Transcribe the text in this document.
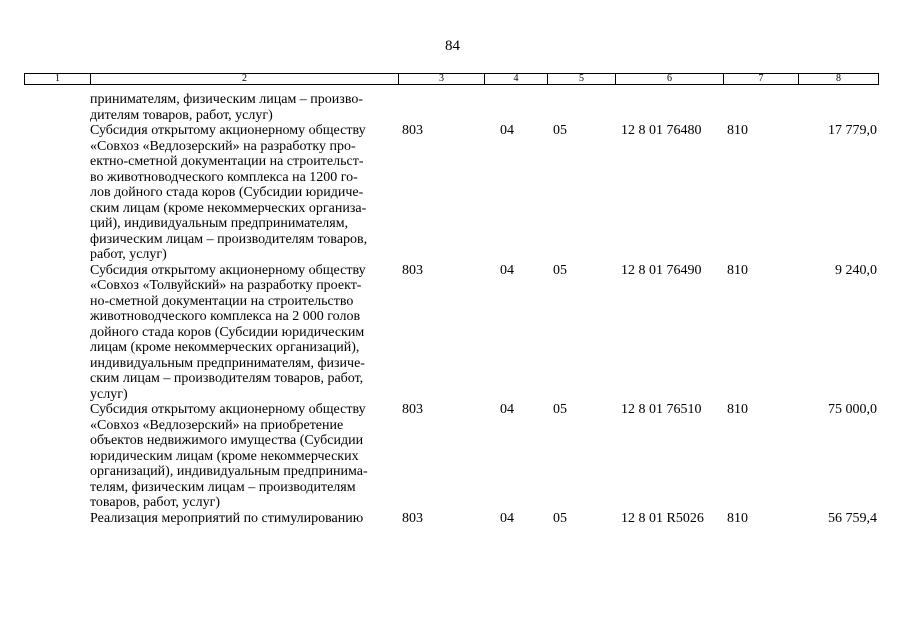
84
1	2	3	4	5	6	7	8
принимателям, физическим лицам – произво-
дителям товаров, работ, услуг)
Субсидия открытому акционерному обществу
«Совхоз «Ведлозерский» на разработку про-
ектно-сметной документации на строительст-
во животноводческого комплекса на 1200 го-
лов дойного стада коров (Субсидии юридиче-
ским лицам (кроме некоммерческих организа-
ций), индивидуальным предпринимателям,
физическим лицам – производителям товаров,
работ, услуг)
803	04	05	12 8 01 76480	810	17 779,0
Субсидия открытому акционерному обществу
«Совхоз «Толвуйский» на разработку проект-
но-сметной документации на строительство
животноводческого комплекса на 2 000 голов
дойного стада коров (Субсидии юридическим
лицам (кроме некоммерческих организаций),
индивидуальным предпринимателям, физиче-
ским лицам – производителям товаров, работ,
услуг)
803	04	05	12 8 01 76490	810	9 240,0
Субсидия открытому акционерному обществу
«Совхоз «Ведлозерский» на приобретение
объектов недвижимого имущества (Субсидии
юридическим лицам (кроме некоммерческих
организаций), индивидуальным предпринима-
телям, физическим лицам – производителям
товаров, работ, услуг)
803	04	05	12 8 01 76510	810	75 000,0
Реализация мероприятий по стимулированию	803	04	05	12 8 01 R5026	810	56 759,4
